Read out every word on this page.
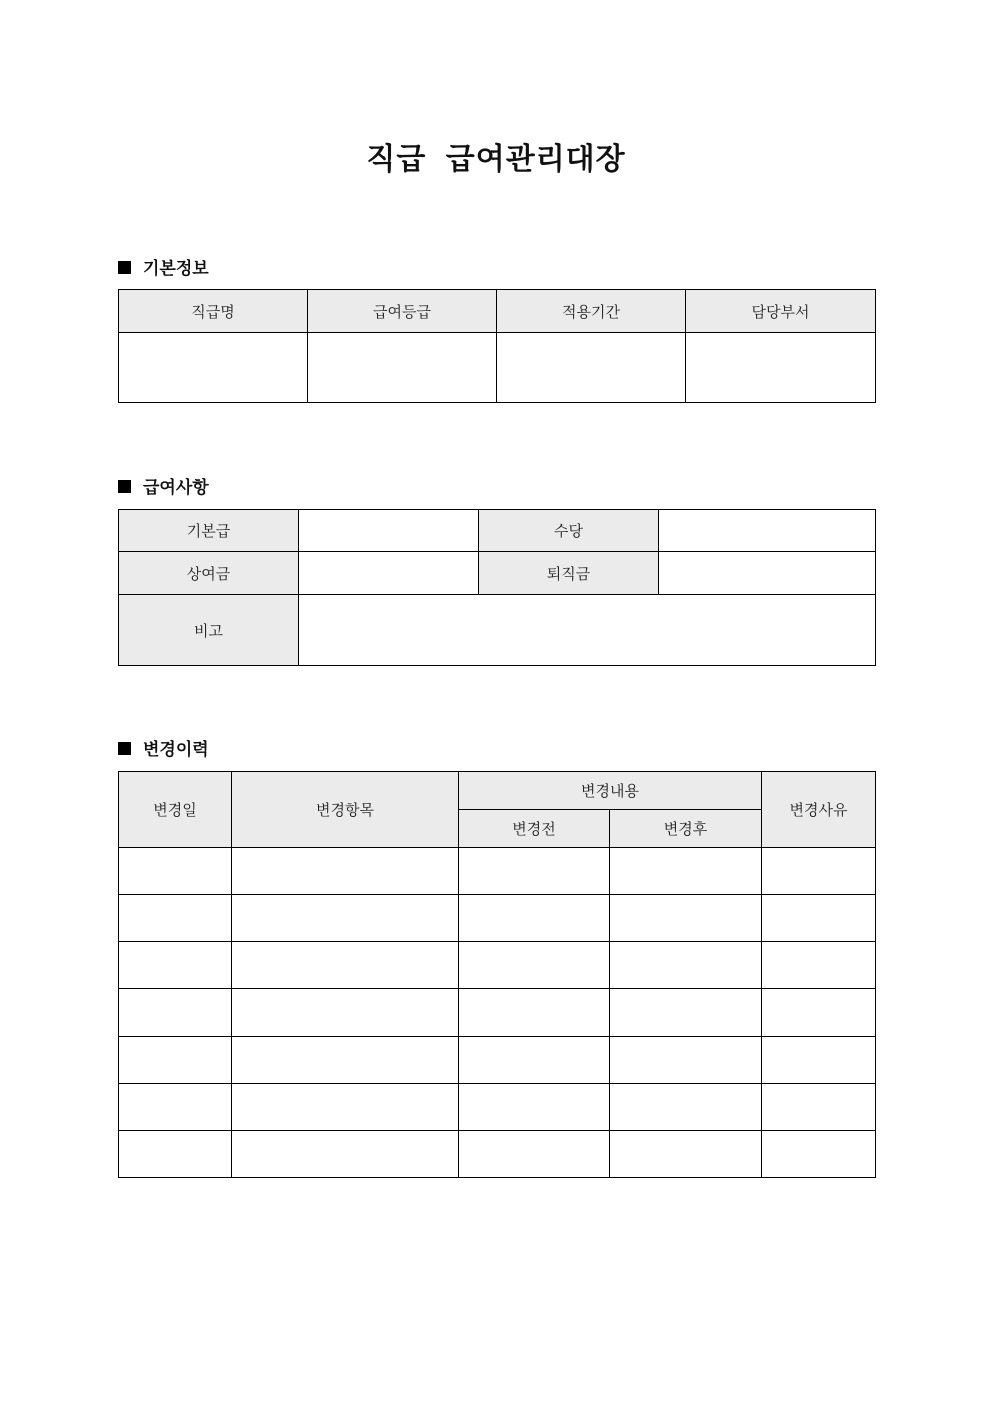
직급 급여관리대장
기본정보
직급명	급여등급	적용기간	담당부서

급여사항
기본급		수당	
상여금		퇴직금	
비고			
변경이력
변경일	변경항목	변경내용		변경사유
		변경전	변경후	
